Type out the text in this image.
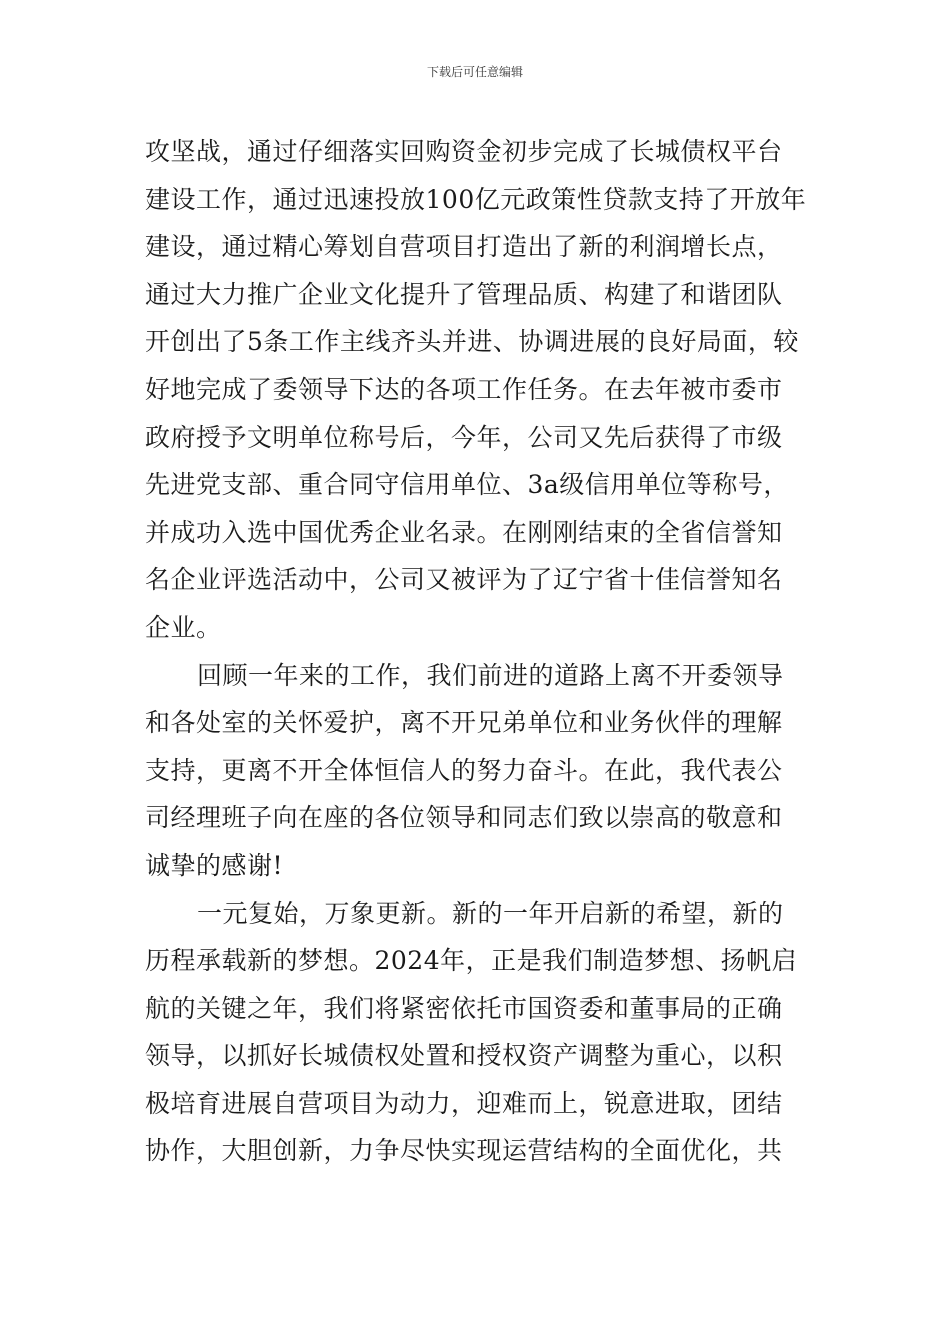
下载后可任意编辑

攻坚战，通过仔细落实回购资金初步完成了长城债权平台
建设工作，通过迅速投放100亿元政策性贷款支持了开放年
建设，通过精心筹划自营项目打造出了新的利润增长点，
通过大力推广企业文化提升了管理品质、构建了和谐团队
开创出了5条工作主线齐头并进、协调进展的良好局面，较
好地完成了委领导下达的各项工作任务。在去年被市委市
政府授予文明单位称号后，今年，公司又先后获得了市级
先进党支部、重合同守信用单位、3a级信用单位等称号，
并成功入选中国优秀企业名录。在刚刚结束的全省信誉知
名企业评选活动中，公司又被评为了辽宁省十佳信誉知名
企业。

回顾一年来的工作，我们前进的道路上离不开委领导
和各处室的关怀爱护，离不开兄弟单位和业务伙伴的理解
支持，更离不开全体恒信人的努力奋斗。在此，我代表公
司经理班子向在座的各位领导和同志们致以崇高的敬意和
诚挚的感谢!

一元复始，万象更新。新的一年开启新的希望，新的
历程承载新的梦想。2024年，正是我们制造梦想、扬帆启
航的关键之年，我们将紧密依托市国资委和董事局的正确
领导，以抓好长城债权处置和授权资产调整为重心，以积
极培育进展自营项目为动力，迎难而上，锐意进取，团结
协作，大胆创新，力争尽快实现运营结构的全面优化，共
